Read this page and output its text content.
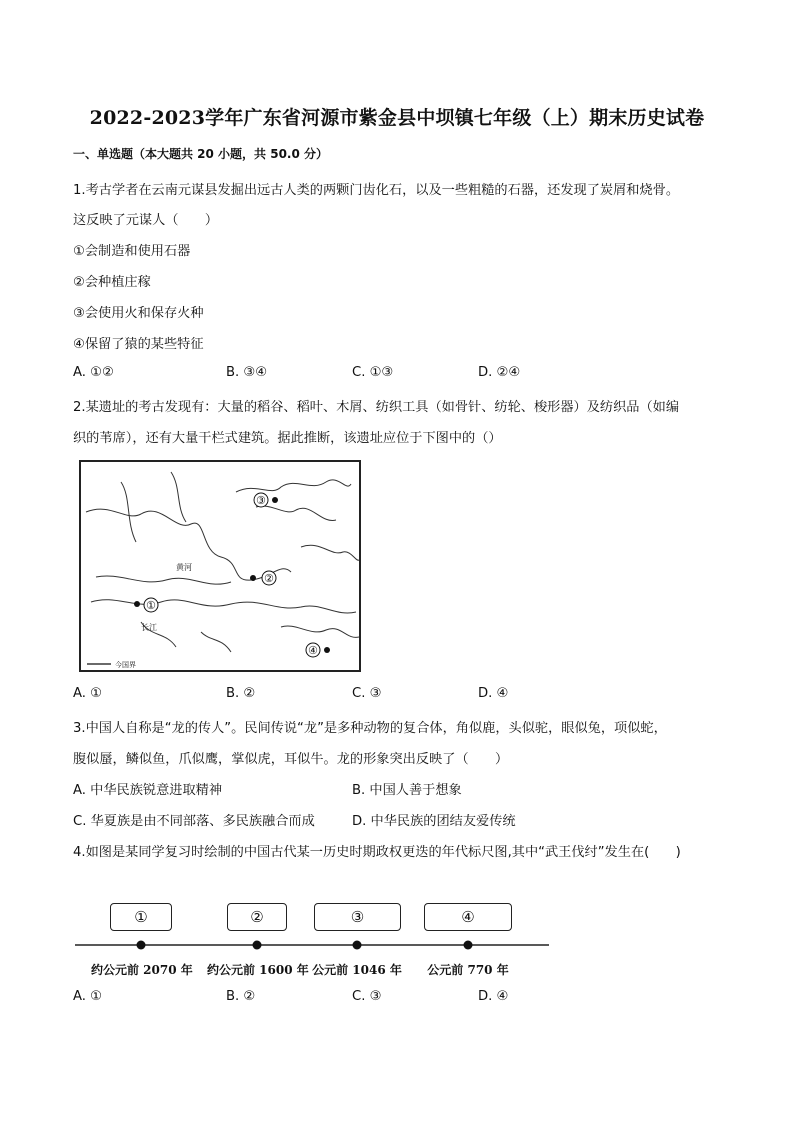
2022-2023学年广东省河源市紫金县中坝镇七年级（上）期末历史试卷
一、单选题（本大题共 20 小题，共 50.0 分）
1.考古学者在云南元谋县发掘出远古人类的两颗门齿化石，以及一些粗糙的石器，还发现了炭屑和烧骨。
这反映了元谋人（　　）
①会制造和使用石器
②会种植庄稼
③会使用火和保存火种
④保留了猿的某些特征
A. ①②	B. ③④	C. ①③	D. ②④
2.某遗址的考古发现有：大量的稻谷、稻叶、木屑、纺织工具（如骨针、纺轮、梭形器）及纺织品（如编
织的苇席），还有大量干栏式建筑。据此推断，该遗址应位于下图中的（）
①
②
③
④
长江
黄河
今国界
A. ①	B. ②	C. ③	D. ④
3.中国人自称是“龙的传人”。民间传说“龙”是多种动物的复合体，角似鹿，头似驼，眼似兔，项似蛇，
腹似蜃，鳞似鱼，爪似鹰，掌似虎，耳似牛。龙的形象突出反映了（　　）
A. 中华民族锐意进取精神	B. 中国人善于想象
C. 华夏族是由不同部落、多民族融合而成	D. 中华民族的团结友爱传统
4.如图是某同学复习时绘制的中国古代某一历史时期政权更迭的年代标尺图,其中“武王伐纣”发生在(　　)
①	②	③	④
约公元前 2070 年 约公元前 1600 年 公元前 1046 年	公元前 770 年
A. ①	B. ②	C. ③	D. ④
